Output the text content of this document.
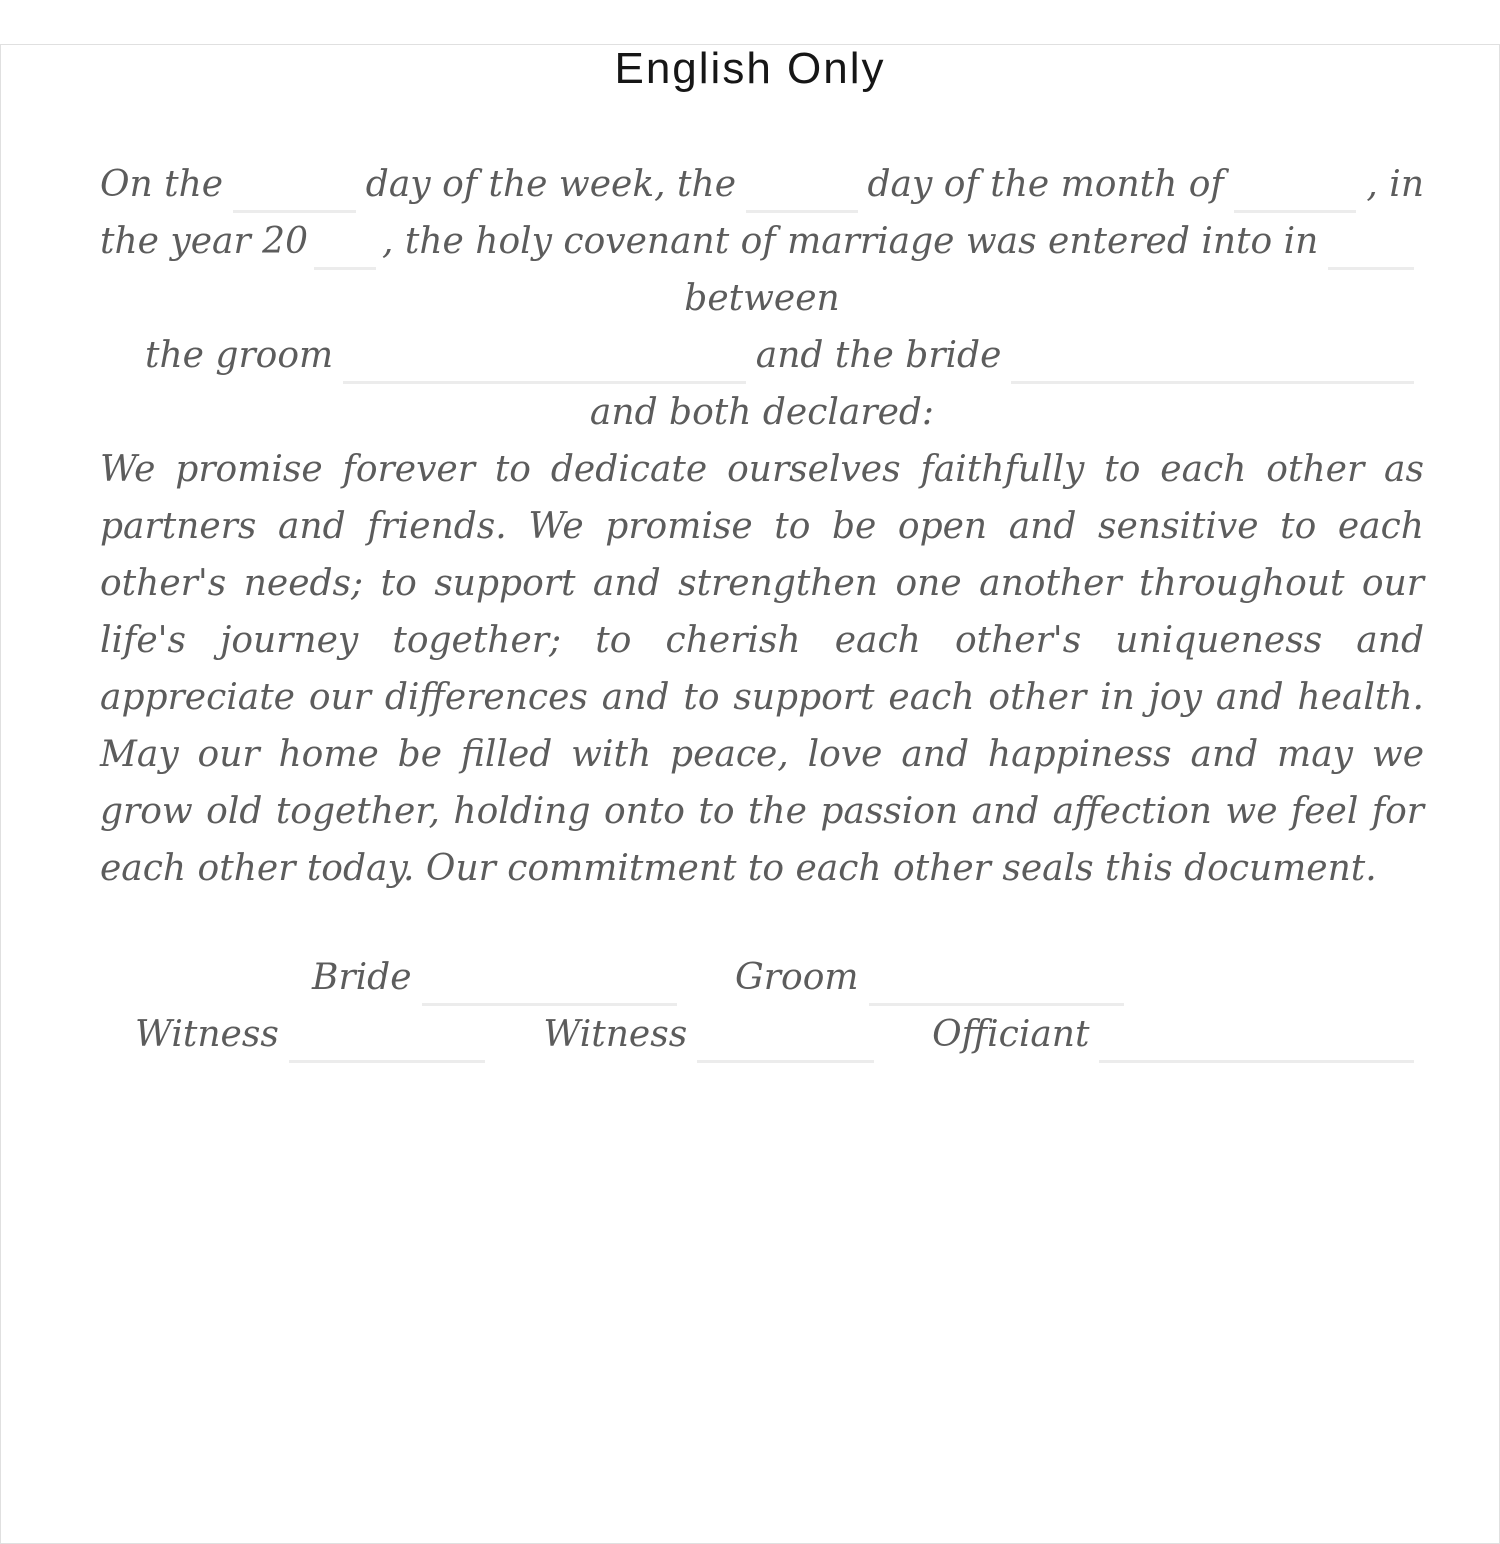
English Only
On the	day of the week, the	day of the month of	, in
the year 20 , the holy covenant of marriage was entered into in
between
the groom	and the bride
and both declared:

We promise forever to dedicate ourselves faithfully to each other as partners and friends. We promise to be open and sensitive to each other's needs; to support and strengthen one another throughout our life's journey together; to cherish each other's uniqueness and appreciate our differences and to support each other in joy and health. May our home be filled with peace, love and happiness and may we grow old together, holding onto to the passion and affection we feel for each other today. Our commitment to each other seals this document.

Bride	Groom
Witness	Witness	Officiant
